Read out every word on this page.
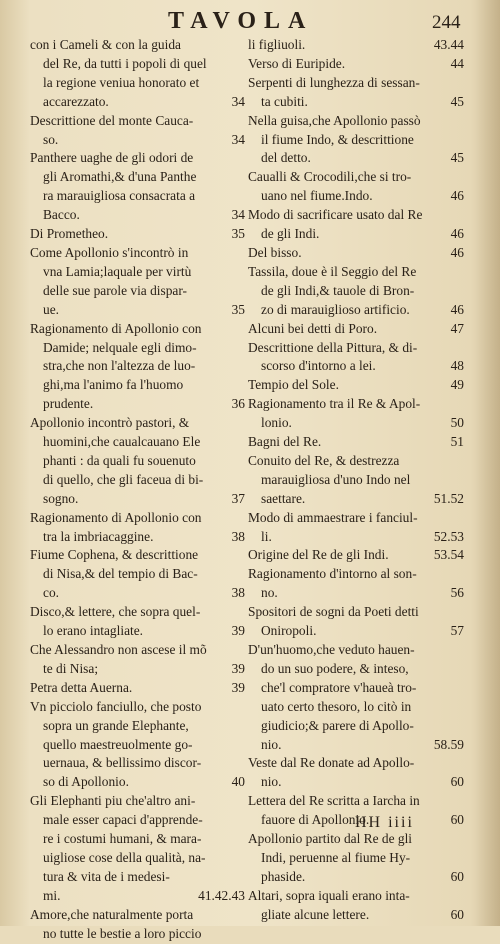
TAVOLA	244
con i Cameli & con la guida
del Re, da tutti i popoli di quel
la regione veniua honorato et
accarezzato.	34
Descrittione del monte Cauca-
so.	34
Panthere uaghe de gli odori de
gli Aromathi,& d'una Panthe
ra marauigliosa consacrata a
Bacco.	34
Di Prometheo.	35
Come Apollonio s'incontrò in
vna Lamia;laquale per virtù
delle sue parole via dispar-
ue.	35
Ragionamento di Apollonio con
Damide; nelquale egli dimo-
stra,che non l'altezza de luo-
ghi,ma l'animo fa l'huomo
prudente.	36
Apollonio incontrò pastori, &
huomini,che caualcauano Ele
phanti : da quali fu souenuto
di quello, che gli faceua di bi-
sogno.	37
Ragionamento di Apollonio con
tra la imbriacaggine.	38
Fiume Cophena, & descrittione
di Nisa,& del tempio di Bac-
co.	38
Disco,& lettere, che sopra quel-
lo erano intagliate.	39
Che Alessandro non ascese il mõ
te di Nisa;	39
Petra detta Auerna.	39
Vn picciolo fanciullo, che posto
sopra un grande Elephante,
quello maestreuolmente go-
uernaua, & bellissimo discor-
so di Apollonio.	40
Gli Elephanti piu che'altro ani-
male esser capaci d'apprende-
re i costumi humani, & mara-
uigliose cose della qualità, na-
tura & vita de i medesi-
mi.	41.42.43
Amore,che naturalmente porta
no tutte le bestie a loro piccio
li figliuoli.	43.44
Verso di Euripide.	44
Serpenti di lunghezza di sessan-
ta cubiti.	45
Nella guisa,che Apollonio passò
il fiume Indo, & descrittione
del detto.	45
Caualli & Crocodili,che si tro-
uano nel fiume.Indo.	46
Modo di sacrificare usato dal Re
de gli Indi.	46
Del bisso.	46
Tassila, doue è il Seggio del Re
de gli Indi,& tauole di Bron-
zo di marauiglioso artificio.	46
Alcuni bei detti di Poro.	47
Descrittione della Pittura, & di-
scorso d'intorno a lei.	48
Tempio del Sole.	49
Ragionamento tra il Re & Apol-
lonio.	50
Bagni del Re.	51
Conuito del Re, & destrezza
marauigliosa d'uno Indo nel
saettare.	51.52
Modo di ammaestrare i fanciul-
li.	52.53
Origine del Re de gli Indi.	53.54
Ragionamento d'intorno al son-
no.	56
Spositori de sogni da Poeti detti
Oniropoli.	57
D'un'huomo,che veduto hauen-
do un suo podere, & inteso,
che'l compratore v'haueà tro-
uato certo thesoro, lo citò in
giudicio;& parere di Apollo-
nio.	58.59
Veste dal Re donate ad Apollo-
nio.	60
Lettera del Re scritta a Iarcha in
fauore di Apollonio.	60
Apollonio partito dal Re de gli
Indi, peruenne al fiume Hy-
phaside.	60
Altari, sopra iquali erano inta-
gliate alcune lettere.	60
HH iiii
